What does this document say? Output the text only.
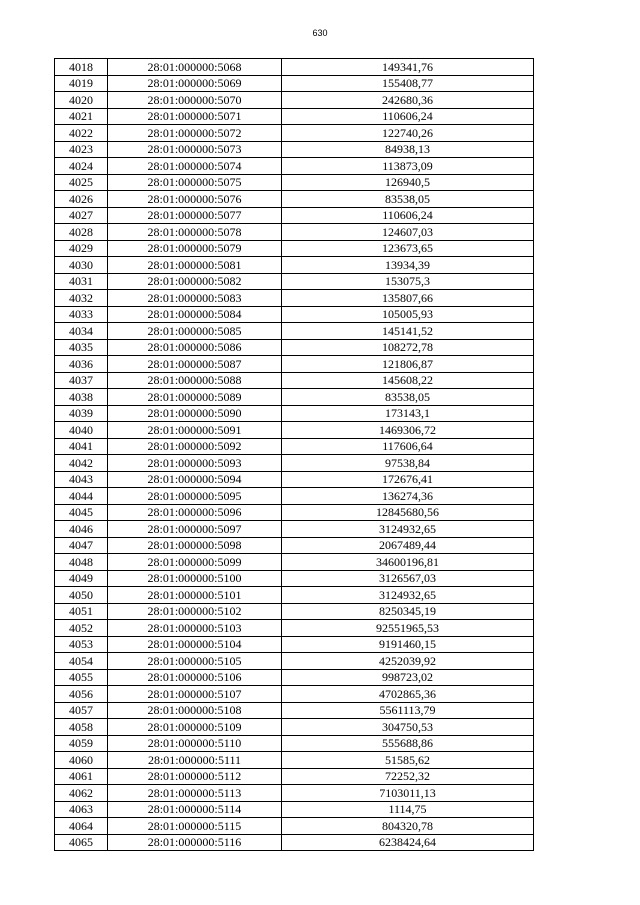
630
4018	28:01:000000:5068	149341,76
4019	28:01:000000:5069	155408,77
4020	28:01:000000:5070	242680,36
4021	28:01:000000:5071	110606,24
4022	28:01:000000:5072	122740,26
4023	28:01:000000:5073	84938,13
4024	28:01:000000:5074	113873,09
4025	28:01:000000:5075	126940,5
4026	28:01:000000:5076	83538,05
4027	28:01:000000:5077	110606,24
4028	28:01:000000:5078	124607,03
4029	28:01:000000:5079	123673,65
4030	28:01:000000:5081	13934,39
4031	28:01:000000:5082	153075,3
4032	28:01:000000:5083	135807,66
4033	28:01:000000:5084	105005,93
4034	28:01:000000:5085	145141,52
4035	28:01:000000:5086	108272,78
4036	28:01:000000:5087	121806,87
4037	28:01:000000:5088	145608,22
4038	28:01:000000:5089	83538,05
4039	28:01:000000:5090	173143,1
4040	28:01:000000:5091	1469306,72
4041	28:01:000000:5092	117606,64
4042	28:01:000000:5093	97538,84
4043	28:01:000000:5094	172676,41
4044	28:01:000000:5095	136274,36
4045	28:01:000000:5096	12845680,56
4046	28:01:000000:5097	3124932,65
4047	28:01:000000:5098	2067489,44
4048	28:01:000000:5099	34600196,81
4049	28:01:000000:5100	3126567,03
4050	28:01:000000:5101	3124932,65
4051	28:01:000000:5102	8250345,19
4052	28:01:000000:5103	92551965,53
4053	28:01:000000:5104	9191460,15
4054	28:01:000000:5105	4252039,92
4055	28:01:000000:5106	998723,02
4056	28:01:000000:5107	4702865,36
4057	28:01:000000:5108	5561113,79
4058	28:01:000000:5109	304750,53
4059	28:01:000000:5110	555688,86
4060	28:01:000000:5111	51585,62
4061	28:01:000000:5112	72252,32
4062	28:01:000000:5113	7103011,13
4063	28:01:000000:5114	1114,75
4064	28:01:000000:5115	804320,78
4065	28:01:000000:5116	6238424,64
